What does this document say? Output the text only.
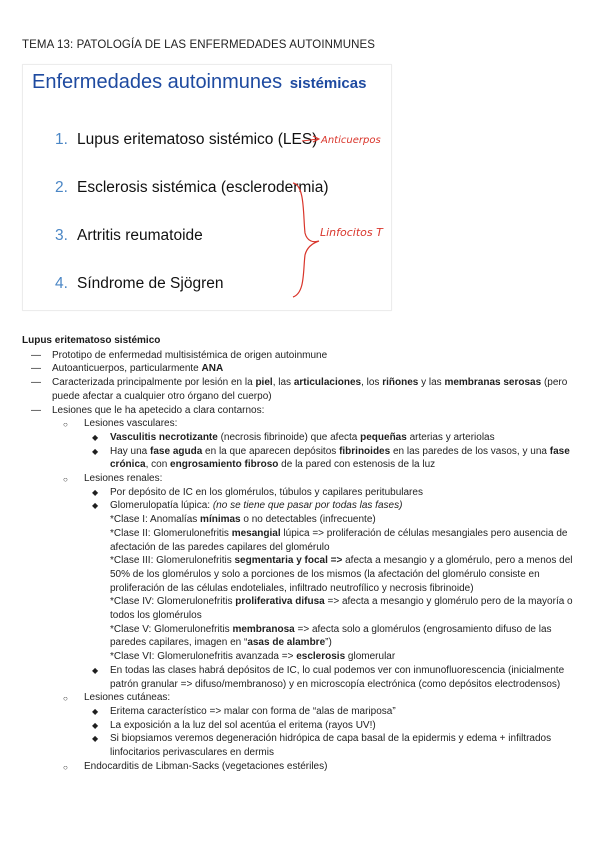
TEMA 13: PATOLOGÍA DE LAS ENFERMEDADES AUTOINMUNES
Enfermedades autoinmunes sistémicas
1. Lupus eritematoso sistémico (LES)
2. Esclerosis sistémica (esclerodermia)
3. Artritis reumatoide
4. Síndrome de Sjögren
Anticuerpos
Linfocitos T
Lupus eritematoso sistémico
— Prototipo de enfermedad multisistémica de origen autoinmune
— Autoanticuerpos, particularmente ANA
— Caracterizada principalmente por lesión en la piel, las articulaciones, los riñones y las membranas serosas (pero puede afectar a cualquier otro órgano del cuerpo)
— Lesiones que le ha apetecido a clara contarnos:
○ Lesiones vasculares:
◆ Vasculitis necrotizante (necrosis fibrinoide) que afecta pequeñas arterias y arteriolas
◆ Hay una fase aguda en la que aparecen depósitos fibrinoides en las paredes de los vasos, y una fase crónica, con engrosamiento fibroso de la pared con estenosis de la luz
○ Lesiones renales:
◆ Por depósito de IC en los glomérulos, túbulos y capilares peritubulares
◆ Glomerulopatía lúpica: (no se tiene que pasar por todas las fases)
*Clase I: Anomalías mínimas o no detectables (infrecuente)
*Clase II: Glomerulonefritis mesangial lúpica => proliferación de células mesangiales pero ausencia de afectación de las paredes capilares del glomérulo
*Clase III: Glomerulonefritis segmentaria y focal => afecta a mesangio y a glomérulo, pero a menos del 50% de los glomérulos y solo a porciones de los mismos (la afectación del glomérulo consiste en proliferación de las células endoteliales, infiltrado neutrofílico y necrosis fibrinoide)
*Clase IV: Glomerulonefritis proliferativa difusa => afecta a mesangio y glomérulo pero de la mayoría o todos los glomérulos
*Clase V: Glomerulonefritis membranosa => afecta solo a glomérulos (engrosamiento difuso de las paredes capilares, imagen en “asas de alambre”)
*Clase VI: Glomerulonefritis avanzada => esclerosis glomerular
◆ En todas las clases habrá depósitos de IC, lo cual podemos ver con inmunofluorescencia (inicialmente patrón granular => difuso/membranoso) y en microscopía electrónica (como depósitos electrodensos)
○ Lesiones cutáneas:
◆ Eritema característico => malar con forma de “alas de mariposa”
◆ La exposición a la luz del sol acentúa el eritema (rayos UV!)
◆ Si biopsiamos veremos degeneración hidrópica de capa basal de la epidermis y edema + infiltrados linfocitarios perivasculares en dermis
○ Endocarditis de Libman-Sacks (vegetaciones estériles)
